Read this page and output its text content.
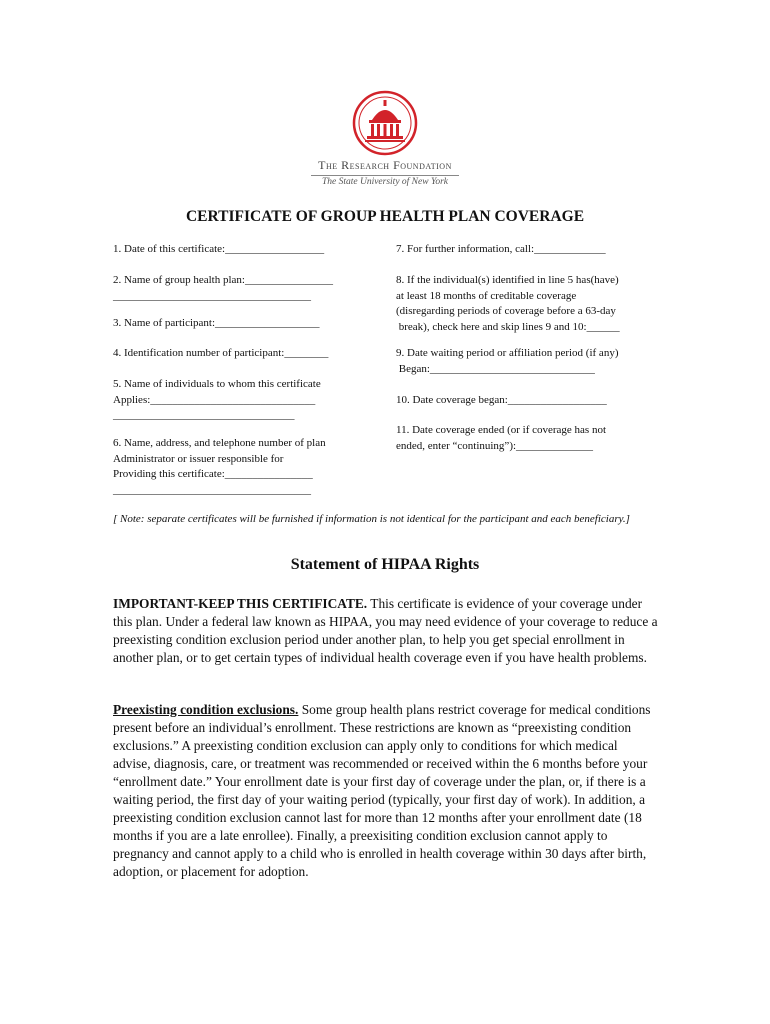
The Research Foundation
The State University of New York
CERTIFICATE OF GROUP HEALTH PLAN COVERAGE

1. Date of this certificate:__________________

2. Name of group health plan:________________
____________________________________

3. Name of participant:___________________

4. Identification number of participant:________

5. Name of individuals to whom this certificate
Applies:______________________________
_________________________________

6. Name, address, and telephone number of plan
Administrator or issuer responsible for
Providing this certificate:________________
____________________________________

7. For further information, call:_____________

8. If the individual(s) identified in line 5 has(have)
at least 18 months of creditable coverage
(disregarding periods of coverage before a 63-day
break), check here and skip lines 9 and 10:______

9. Date waiting period or affiliation period (if any)
Began:______________________________

10. Date coverage began:__________________

11. Date coverage ended (or if coverage has not
ended, enter “continuing”):______________

[ Note: separate certificates will be furnished if information is not identical for the participant and each beneficiary.]

Statement of HIPAA Rights

IMPORTANT-KEEP THIS CERTIFICATE. This certificate is evidence of your coverage under this plan. Under a federal law known as HIPAA, you may need evidence of your coverage to reduce a preexisting condition exclusion period under another plan, to help you get special enrollment in another plan, or to get certain types of individual health coverage even if you have health problems.

Preexisting condition exclusions. Some group health plans restrict coverage for medical conditions present before an individual’s enrollment. These restrictions are known as “preexisting condition exclusions.” A preexisting condition exclusion can apply only to conditions for which medical advise, diagnosis, care, or treatment was recommended or received within the 6 months before your “enrollment date.” Your enrollment date is your first day of coverage under the plan, or, if there is a waiting period, the first day of your waiting period (typically, your first day of work). In addition, a preexisting condition exclusion cannot last for more than 12 months after your enrollment date (18 months if you are a late enrollee). Finally, a preexisiting condition exclusion cannot apply to pregnancy and cannot apply to a child who is enrolled in health coverage within 30 days after birth, adoption, or placement for adoption.
